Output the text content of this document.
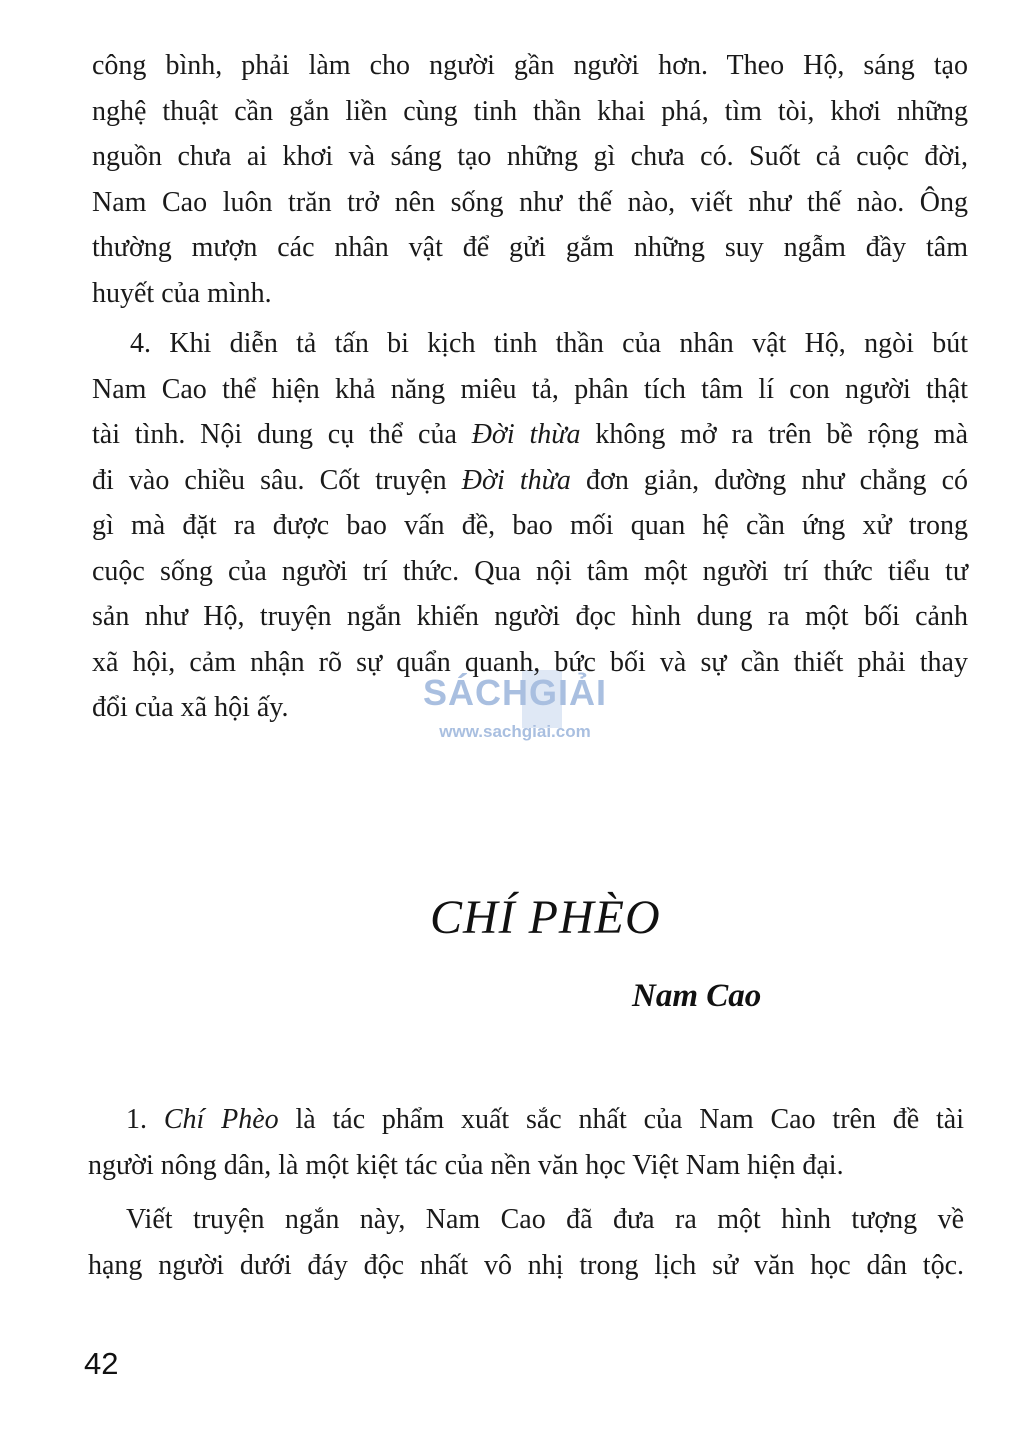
công bình, phải làm cho người gần người hơn. Theo Hộ, sáng tạo
nghệ thuật cần gắn liền cùng tinh thần khai phá, tìm tòi, khơi những
nguồn chưa ai khơi và sáng tạo những gì chưa có. Suốt cả cuộc đời,
Nam Cao luôn trăn trở nên sống như thế nào, viết như thế nào. Ông
thường mượn các nhân vật để gửi gắm những suy ngẫm đầy tâm
huyết của mình.
4. Khi diễn tả tấn bi kịch tinh thần của nhân vật Hộ, ngòi bút
Nam Cao thể hiện khả năng miêu tả, phân tích tâm lí con người thật
tài tình. Nội dung cụ thể của Đời thừa không mở ra trên bề rộng mà
đi vào chiều sâu. Cốt truyện Đời thừa đơn giản, dường như chẳng có
gì mà đặt ra được bao vấn đề, bao mối quan hệ cần ứng xử trong
cuộc sống của người trí thức. Qua nội tâm một người trí thức tiểu tư
sản như Hộ, truyện ngắn khiến người đọc hình dung ra một bối cảnh
xã hội, cảm nhận rõ sự quẩn quanh, bức bối và sự cần thiết phải thay
đổi của xã hội ấy.	SÁCHGIẢI
www.sachgiai.com
CHÍ PHÈO
Nam Cao
1. Chí Phèo là tác phẩm xuất sắc nhất của Nam Cao trên đề tài
người nông dân, là một kiệt tác của nền văn học Việt Nam hiện đại.
Viết truyện ngắn này, Nam Cao đã đưa ra một hình tượng về
hạng người dưới đáy độc nhất vô nhị trong lịch sử văn học dân tộc.
42
